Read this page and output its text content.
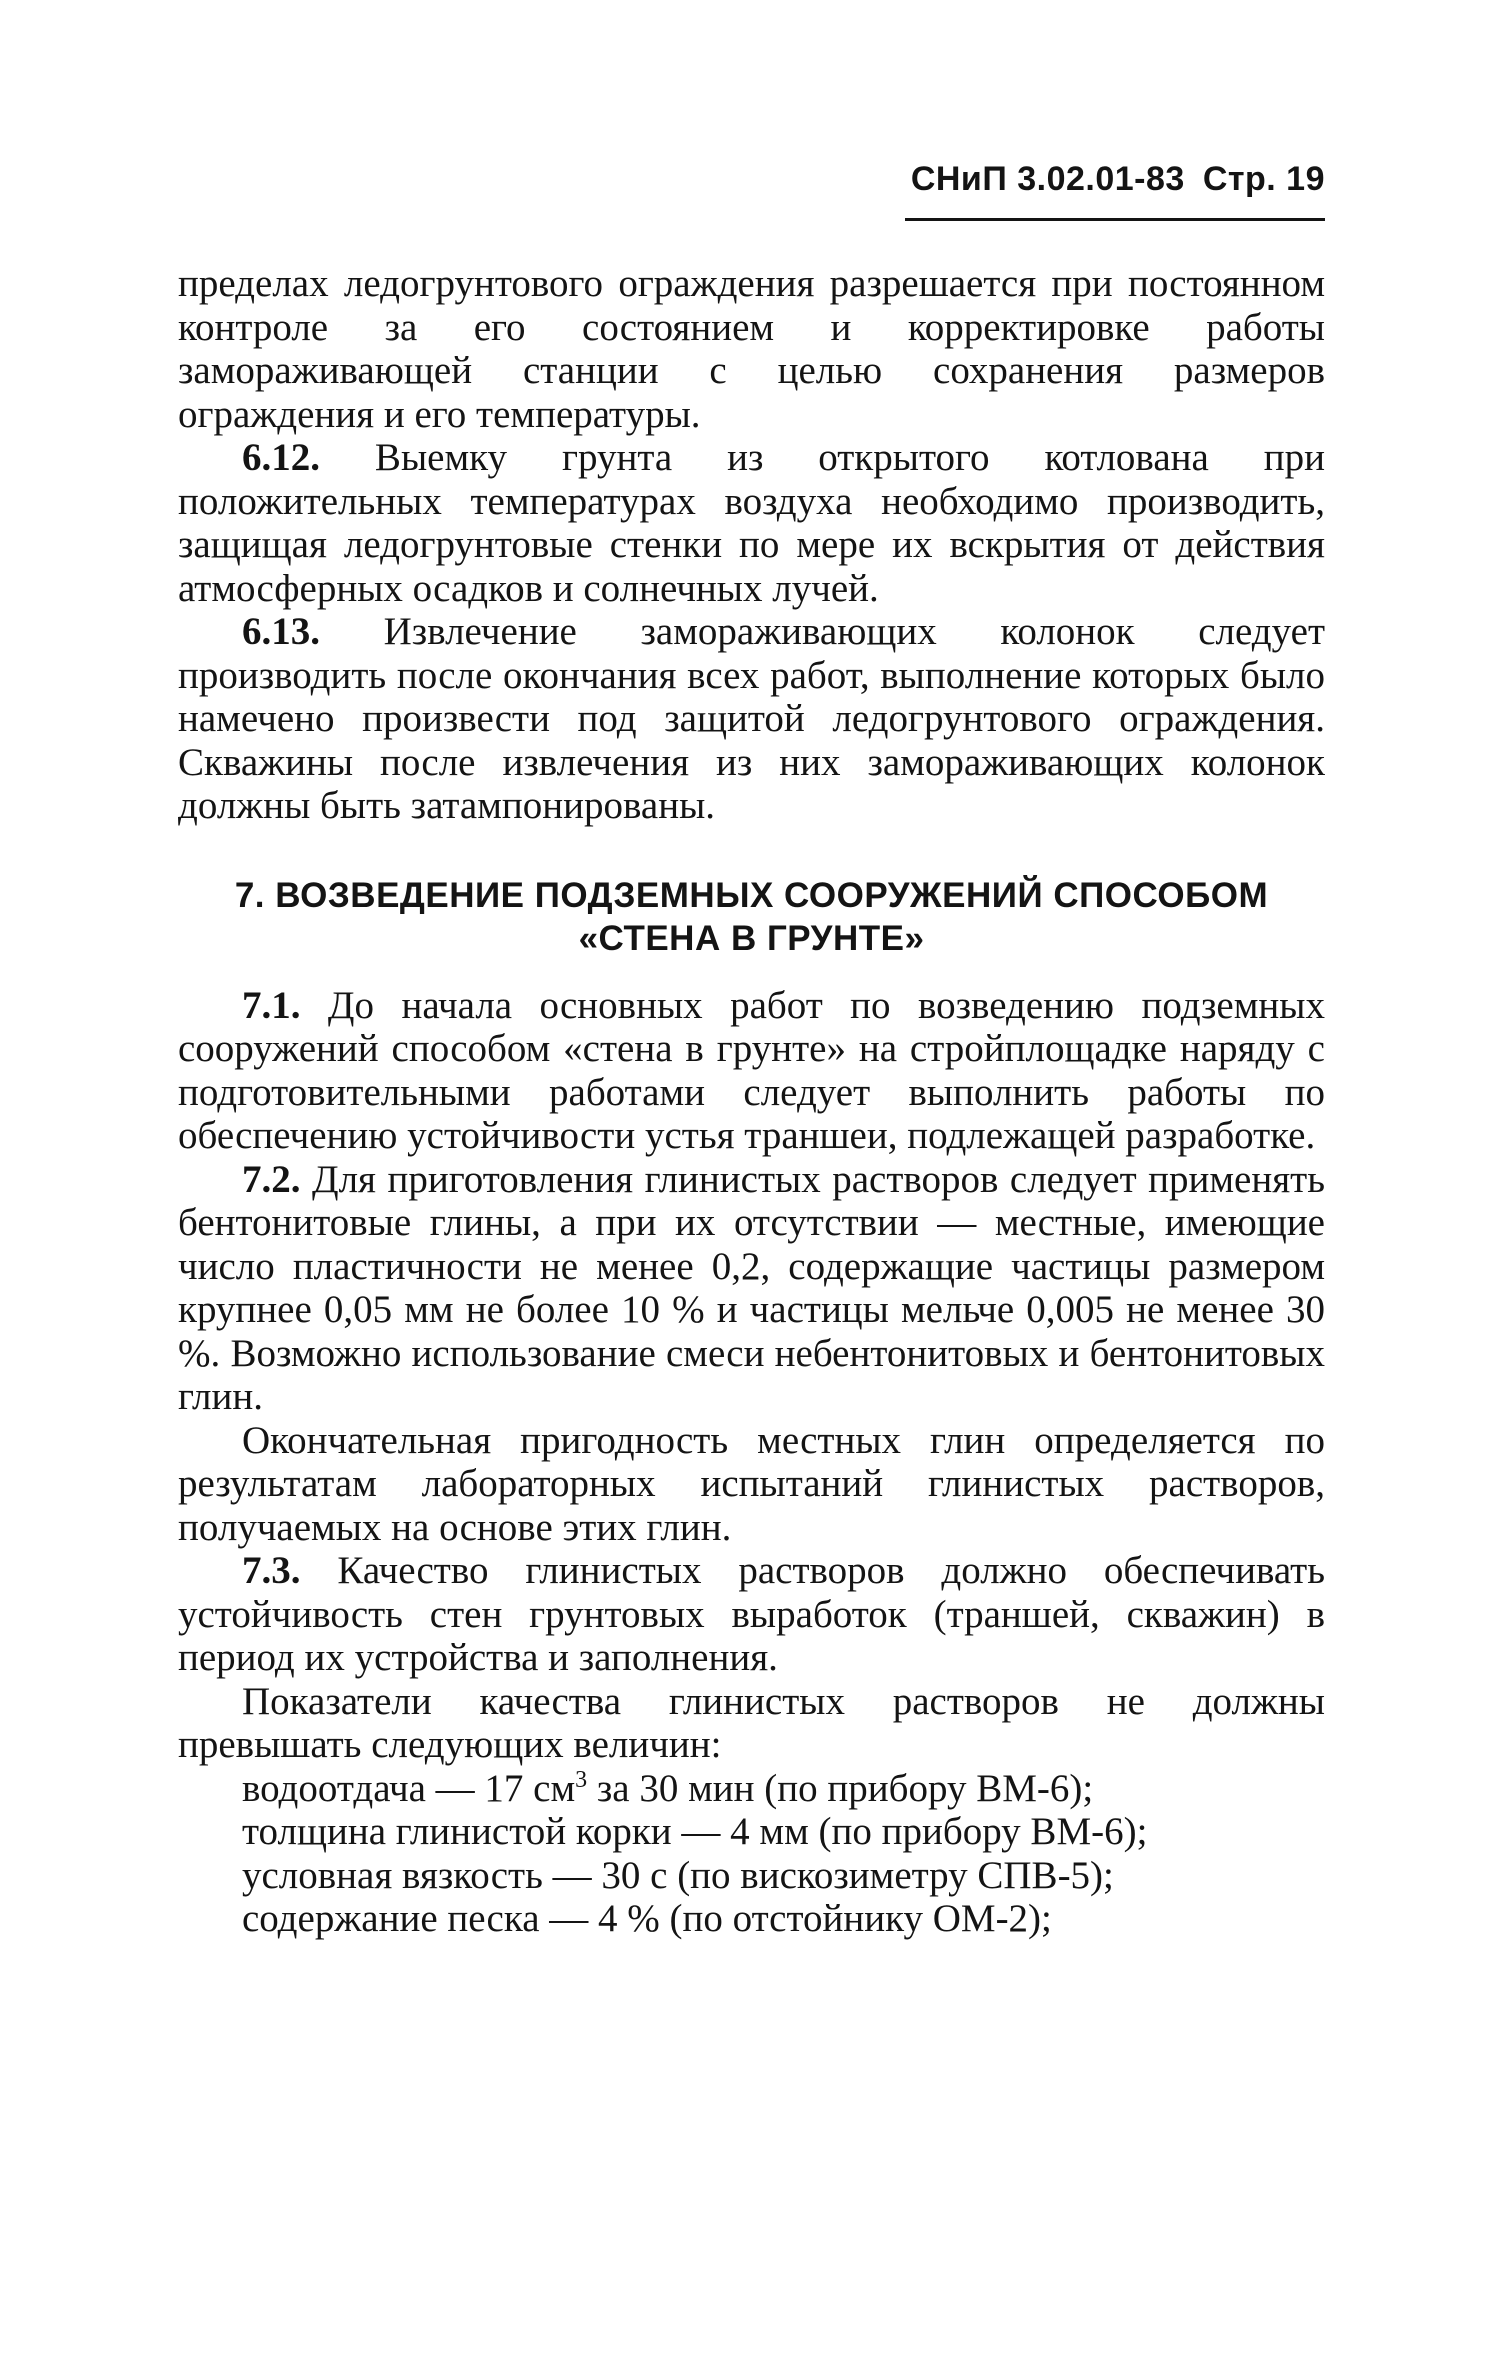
СНиП 3.02.01-83 Стр. 19

пределах ледогрунтового ограждения разрешается при постоянном контроле за его состоянием и корректировке работы замораживающей станции с целью сохранения размеров ограждения и его температуры.

6.12. Выемку грунта из открытого котлована при положительных температурах воздуха необходимо производить, защищая ледогрунтовые стенки по мере их вскрытия от действия атмосферных осадков и солнечных лучей.

6.13. Извлечение замораживающих колонок следует производить после окончания всех работ, выполнение которых было намечено произвести под защитой ледогрунтового ограждения. Скважины после извлечения из них замораживающих колонок должны быть затампонированы.

7. ВОЗВЕДЕНИЕ ПОДЗЕМНЫХ СООРУЖЕНИЙ СПОСОБОМ
«СТЕНА В ГРУНТЕ»

7.1. До начала основных работ по возведению подземных сооружений способом «стена в грунте» на стройплощадке наряду с подготовительными работами следует выполнить работы по обеспечению устойчивости устья траншеи, подлежащей разработке.

7.2. Для приготовления глинистых растворов следует применять бентонитовые глины, а при их отсутствии — местные, имеющие число пластичности не менее 0,2, содержащие частицы размером крупнее 0,05 мм не более 10 % и частицы мельче 0,005 не менее 30 %. Возможно использование смеси небентонитовых и бентонитовых глин.

Окончательная пригодность местных глин определяется по результатам лабораторных испытаний глинистых растворов, получаемых на основе этих глин.

7.3. Качество глинистых растворов должно обеспечивать устойчивость стен грунтовых выработок (траншей, скважин) в период их устройства и заполнения.

Показатели качества глинистых растворов не должны превышать следующих величин:

водоотдача — 17 $см^3$ за 30 мин (по прибору ВМ-6);
толщина глинистой корки — 4 мм (по прибору ВМ-6);
условная вязкость — 30 с (по вискозиметру СПВ-5);
содержание песка — 4 % (по отстойнику ОМ-2);
